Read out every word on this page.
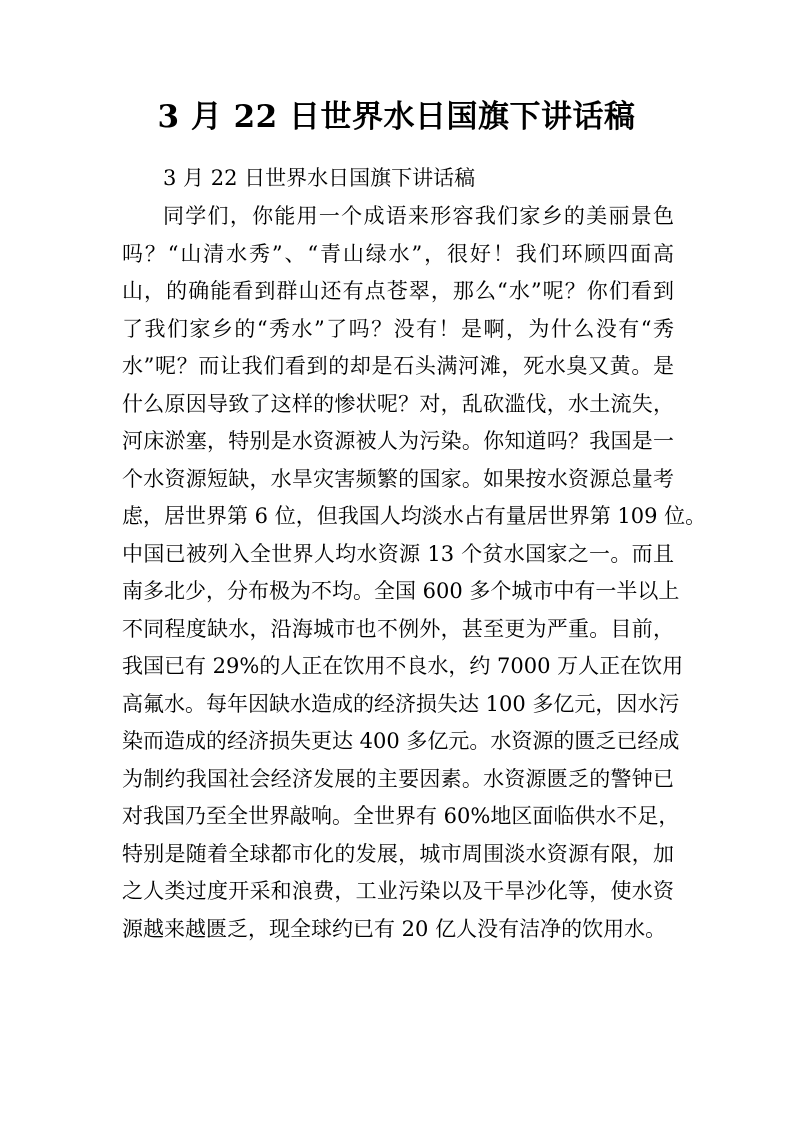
3 月 22 日世界水日国旗下讲话稿
3 月 22 日世界水日国旗下讲话稿
同学们，你能用一个成语来形容我们家乡的美丽景色
吗？“山清水秀”、“青山绿水”，很好！我们环顾四面高
山，的确能看到群山还有点苍翠，那么“水”呢？你们看到
了我们家乡的“秀水”了吗？没有！是啊，为什么没有“秀
水”呢？而让我们看到的却是石头满河滩，死水臭又黄。是
什么原因导致了这样的惨状呢？对，乱砍滥伐，水土流失，
河床淤塞，特别是水资源被人为污染。你知道吗？我国是一
个水资源短缺，水旱灾害频繁的国家。如果按水资源总量考
虑，居世界第 6 位，但我国人均淡水占有量居世界第 109 位。
中国已被列入全世界人均水资源 13 个贫水国家之一。而且
南多北少，分布极为不均。全国 600 多个城市中有一半以上
不同程度缺水，沿海城市也不例外，甚至更为严重。目前，
我国已有 29%的人正在饮用不良水，约 7000 万人正在饮用
高氟水。每年因缺水造成的经济损失达 100 多亿元，因水污
染而造成的经济损失更达 400 多亿元。水资源的匮乏已经成
为制约我国社会经济发展的主要因素。水资源匮乏的警钟已
对我国乃至全世界敲响。全世界有 60%地区面临供水不足，
特别是随着全球都市化的发展，城市周围淡水资源有限，加
之人类过度开采和浪费，工业污染以及干旱沙化等，使水资
源越来越匮乏，现全球约已有 20 亿人没有洁净的饮用水。
